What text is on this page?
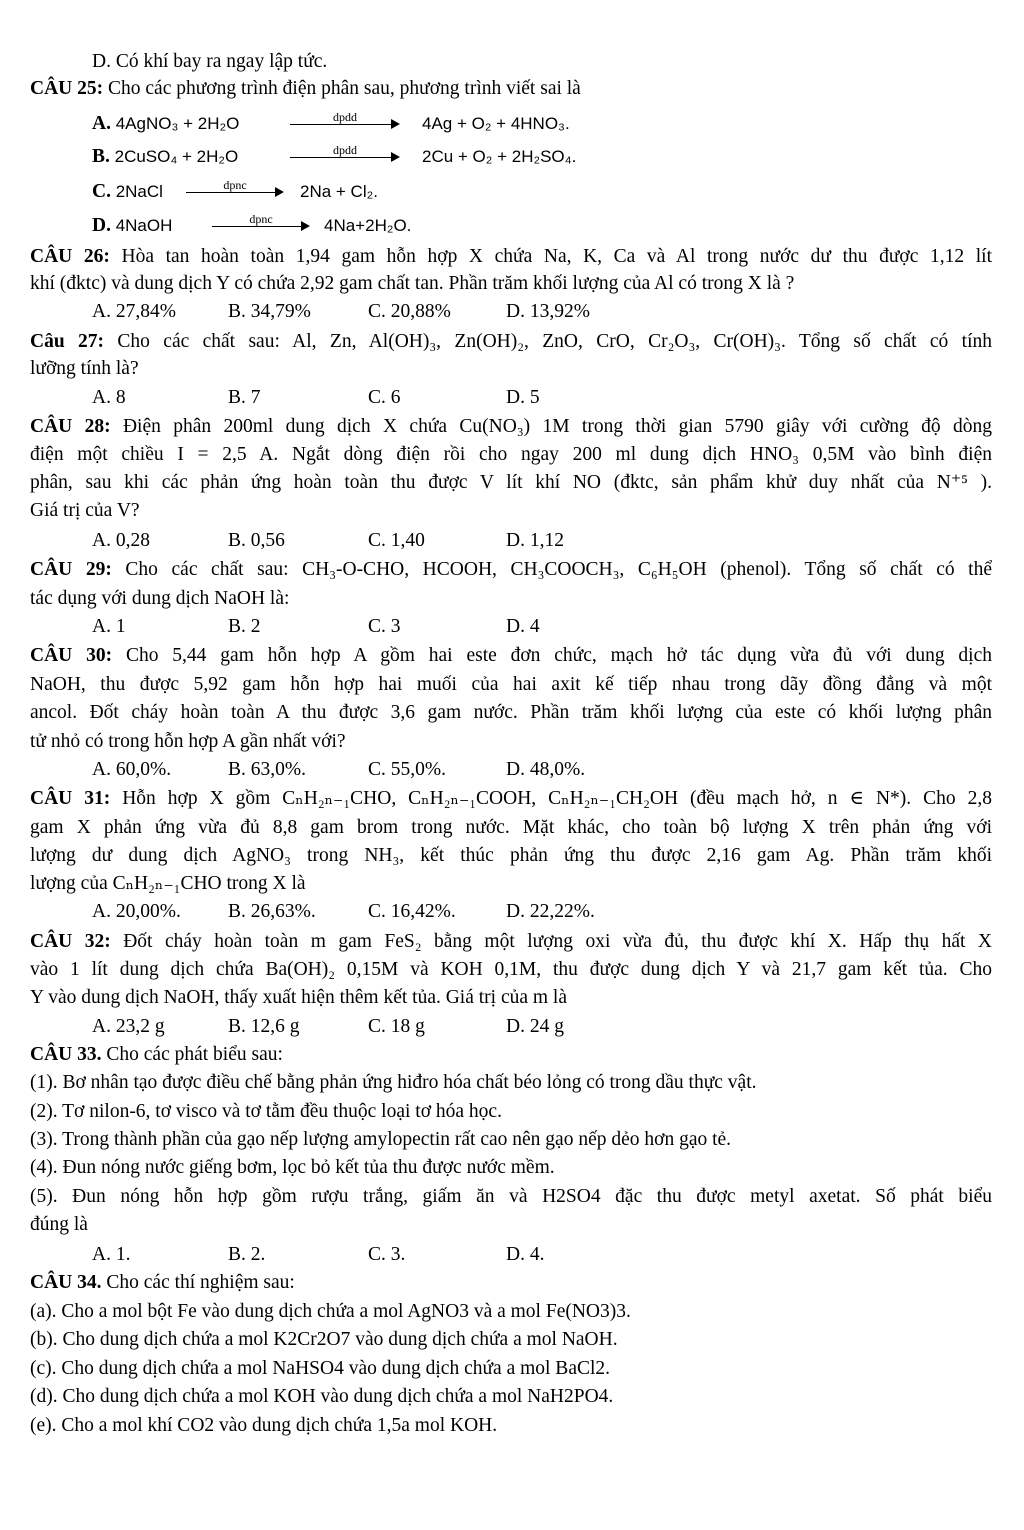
D. Có khí bay ra ngay lập tức.
CÂU 25: Cho các phương trình điện phân sau, phương trình viết sai là
A. 4AgNO₃ + 2H₂O	dpdd	4Ag + O₂ + 4HNO₃.
B. 2CuSO₄ + 2H₂O	dpdd	2Cu + O₂ + 2H₂SO₄.
C. 2NaCl	dpnc	2Na + Cl₂.
D. 4NaOH	dpnc	4Na+2H₂O.
CÂU 26: Hòa tan hoàn toàn 1,94 gam hỗn hợp X chứa Na, K, Ca và Al trong nước dư thu được 1,12 lít
khí (đktc) và dung dịch Y có chứa 2,92 gam chất tan. Phần trăm khối lượng của Al có trong X là ?
A. 27,84%	B. 34,79%	C. 20,88%	D. 13,92%
Câu 27: Cho các chất sau: Al, Zn, Al(OH)₃, Zn(OH)₂, ZnO, CrO, Cr₂O₃, Cr(OH)₃. Tổng số chất có tính
lưỡng tính là?
A. 8	B. 7	C. 6	D. 5
CÂU 28: Điện phân 200ml dung dịch X chứa Cu(NO₃) 1M trong thời gian 5790 giây với cường độ dòng
điện một chiều I = 2,5 A. Ngắt dòng điện rồi cho ngay 200 ml dung dịch HNO₃ 0,5M vào bình điện
phân, sau khi các phản ứng hoàn toàn thu được V lít khí NO (đktc, sản phẩm khử duy nhất của N⁺⁵ ).
Giá trị của V?
A. 0,28	B. 0,56	C. 1,40	D. 1,12
CÂU 29: Cho các chất sau: CH₃-O-CHO, HCOOH, CH₃COOCH₃, C₆H₅OH (phenol). Tổng số chất có thể
tác dụng với dung dịch NaOH là:
A. 1	B. 2	C. 3	D. 4
CÂU 30: Cho 5,44 gam hỗn hợp A gồm hai este đơn chức, mạch hở tác dụng vừa đủ với dung dịch
NaOH, thu được 5,92 gam hỗn hợp hai muối của hai axit kế tiếp nhau trong dãy đồng đẳng và một
ancol. Đốt cháy hoàn toàn A thu được 3,6 gam nước. Phần trăm khối lượng của este có khối lượng phân
tử nhỏ có trong hỗn hợp A gần nhất với?
A. 60,0%.	B. 63,0%.	C. 55,0%.	D. 48,0%.
CÂU 31: Hỗn hợp X gồm CₙH₂ₙ₋₁CHO, CₙH₂ₙ₋₁COOH, CₙH₂ₙ₋₁CH₂OH (đều mạch hở, n ∈ N*). Cho 2,8
gam X phản ứng vừa đủ 8,8 gam brom trong nước. Mặt khác, cho toàn bộ lượng X trên phản ứng với
lượng dư dung dịch AgNO₃ trong NH₃, kết thúc phản ứng thu được 2,16 gam Ag. Phần trăm khối
lượng của CₙH₂ₙ₋₁CHO trong X là
A. 20,00%. B. 26,63%.	C. 16,42%.	D. 22,22%.
CÂU 32: Đốt cháy hoàn toàn m gam FeS₂ bằng một lượng oxi vừa đủ, thu được khí X. Hấp thụ hất X
vào 1 lít dung dịch chứa Ba(OH)₂ 0,15M và KOH 0,1M, thu được dung dịch Y và 21,7 gam kết tủa. Cho
Y vào dung dịch NaOH, thấy xuất hiện thêm kết tủa. Giá trị của m là
A. 23,2 g	B. 12,6 g	C. 18 g	D. 24 g
CÂU 33. Cho các phát biểu sau:
(1). Bơ nhân tạo được điều chế bằng phản ứng hiđro hóa chất béo lỏng có trong dầu thực vật.
(2). Tơ nilon-6, tơ visco và tơ tằm đều thuộc loại tơ hóa học.
(3). Trong thành phần của gạo nếp lượng amylopectin rất cao nên gạo nếp dẻo hơn gạo tẻ.
(4). Đun nóng nước giếng bơm, lọc bỏ kết tủa thu được nước mềm.
(5). Đun nóng hỗn hợp gồm rượu trắng, giấm ăn và H2SO4 đặc thu được metyl axetat. Số phát biểu
đúng là
A. 1.	B. 2.	C. 3.	D. 4.
CÂU 34. Cho các thí nghiệm sau:
(a). Cho a mol bột Fe vào dung dịch chứa a mol AgNO3 và a mol Fe(NO3)3.
(b). Cho dung dịch chứa a mol K2Cr2O7 vào dung dịch chứa a mol NaOH.
(c). Cho dung dịch chứa a mol NaHSO4 vào dung dịch chứa a mol BaCl2.
(d). Cho dung dịch chứa a mol KOH vào dung dịch chứa a mol NaH2PO4.
(e). Cho a mol khí CO2 vào dung dịch chứa 1,5a mol KOH.
